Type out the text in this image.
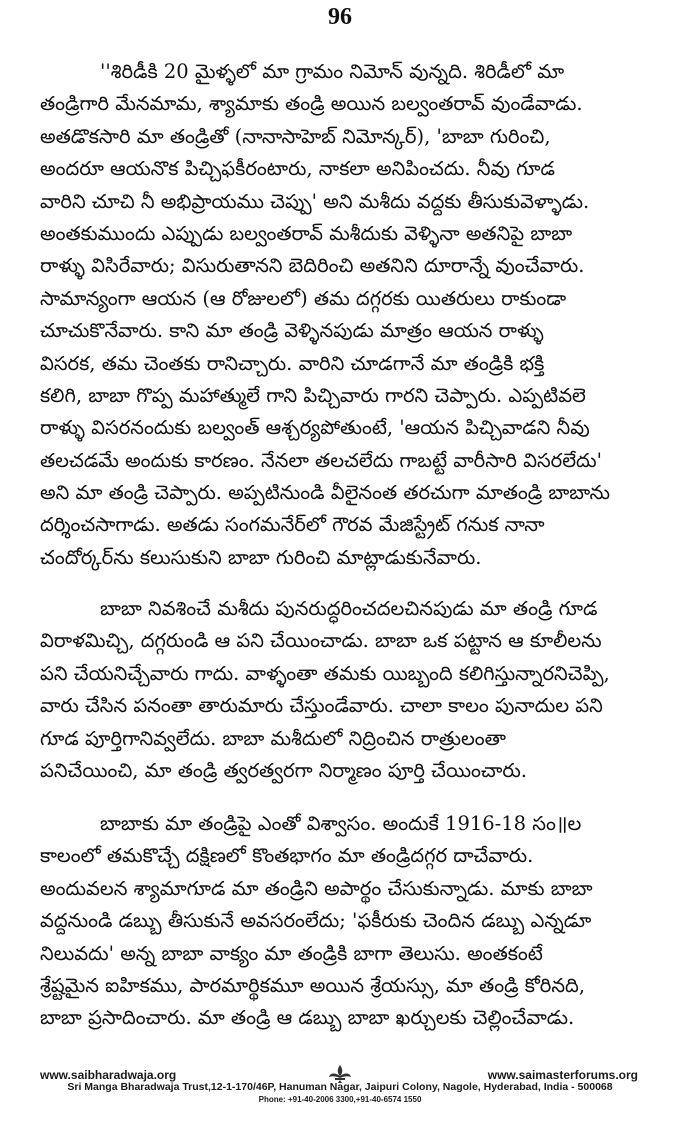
96
''శిరిడీకి 20 మైళ్ళలో మా గ్రామం నిమోన్ వున్నది. శిరిడీలో మా
తండ్రిగారి మేనమామ, శ్యామాకు తండ్రి అయిన బల్వంతరావ్ వుండేవాడు.
అతడొకసారి మా తండ్రితో (నానాసాహెబ్ నిమోన్కర్), 'బాబా గురించి,
అందరూ ఆయనొక పిచ్చిఫకీరంటారు, నాకలా అనిపించదు. నీవు గూడ
వారిని చూచి నీ అభిప్రాయము చెప్పు' అని మశీదు వద్దకు తీసుకువెళ్ళాడు.
అంతకుముందు ఎప్పుడు బల్వంతరావ్ మశీదుకు వెళ్ళినా అతనిపై బాబా
రాళ్ళు విసిరేవారు; విసురుతానని బెదిరించి అతనిని దూరాన్నే వుంచేవారు.
సామాన్యంగా ఆయన (ఆ రోజులలో) తమ దగ్గరకు యితరులు రాకుండా
చూచుకొనేవారు. కాని మా తండ్రి వెళ్ళినపుడు మాత్రం ఆయన రాళ్ళు
విసరక, తమ చెంతకు రానిచ్చారు. వారిని చూడగానే మా తండ్రికి భక్తి
కలిగి, బాబా గొప్ప మహాత్ములే గాని పిచ్చివారు గారని చెప్పారు. ఎప్పటివలె
రాళ్ళు విసరనందుకు బల్వంత్ ఆశ్చర్యపోతుంటే, 'ఆయన పిచ్చివాడని నీవు
తలచడమే అందుకు కారణం. నేనలా తలచలేదు గాబట్టే వారీసారి విసరలేదు'
అని మా తండ్రి చెప్పారు. అప్పటినుండి వీలైనంత తరచుగా మాతండ్రి బాబాను
దర్శించసాగాడు. అతడు సంగమనేర్‌లో గౌరవ మేజిస్ట్రేట్ గనుక నానా
చందోర్కర్‌ను కలుసుకుని బాబా గురించి మాట్లాడుకునేవారు.
బాబా నివశించే మశీదు పునరుద్ధరించదలచినపుడు మా తండ్రి గూడ
విరాళమిచ్చి, దగ్గరుండి ఆ పని చేయించాడు. బాబా ఒక పట్టాన ఆ కూలీలను
పని చేయనిచ్చేవారు గాదు. వాళ్ళంతా తమకు యిబ్బంది కలిగిస్తున్నారనిచెప్పి,
వారు చేసిన పనంతా తారుమారు చేస్తుండేవారు. చాలా కాలం పునాదుల పని
గూడ పూర్తిగానివ్వలేదు. బాబా మశీదులో నిద్రించిన రాత్రులంతా
పనిచేయించి, మా తండ్రి త్వరత్వరగా నిర్మాణం పూర్తి చేయించారు.
బాబాకు మా తండ్రిపై ఎంతో విశ్వాసం. అందుకే 1916-18 సం॥ల
కాలంలో తమకొచ్చే దక్షిణలో కొంతభాగం మా తండ్రిదగ్గర దాచేవారు.
అందువలన శ్యామాగూడ మా తండ్రిని అపార్థం చేసుకున్నాడు. మాకు బాబా
వద్దనుండి డబ్బు తీసుకునే అవసరంలేదు; 'ఫకీరుకు చెందిన డబ్బు ఎన్నడూ
నిలువదు' అన్న బాబా వాక్యం మా తండ్రికి బాగా తెలుసు. అంతకంటే
శ్రేష్టమైన ఐహికము, పారమార్థికమూ అయిన శ్రేయస్సు, మా తండ్రి కోరినది,
బాబా ప్రసాదించారు. మా తండ్రి ఆ డబ్బు బాబా ఖర్చులకు చెల్లించేవాడు.
www.saibharadwaja.org	www.saimasterforums.org
Sri Manga Bharadwaja Trust,12-1-170/46P, Hanuman Nagar, Jaipuri Colony, Nagole, Hyderabad, India - 500068
Phone: +91-40-2006 3300,+91-40-6574 1550
